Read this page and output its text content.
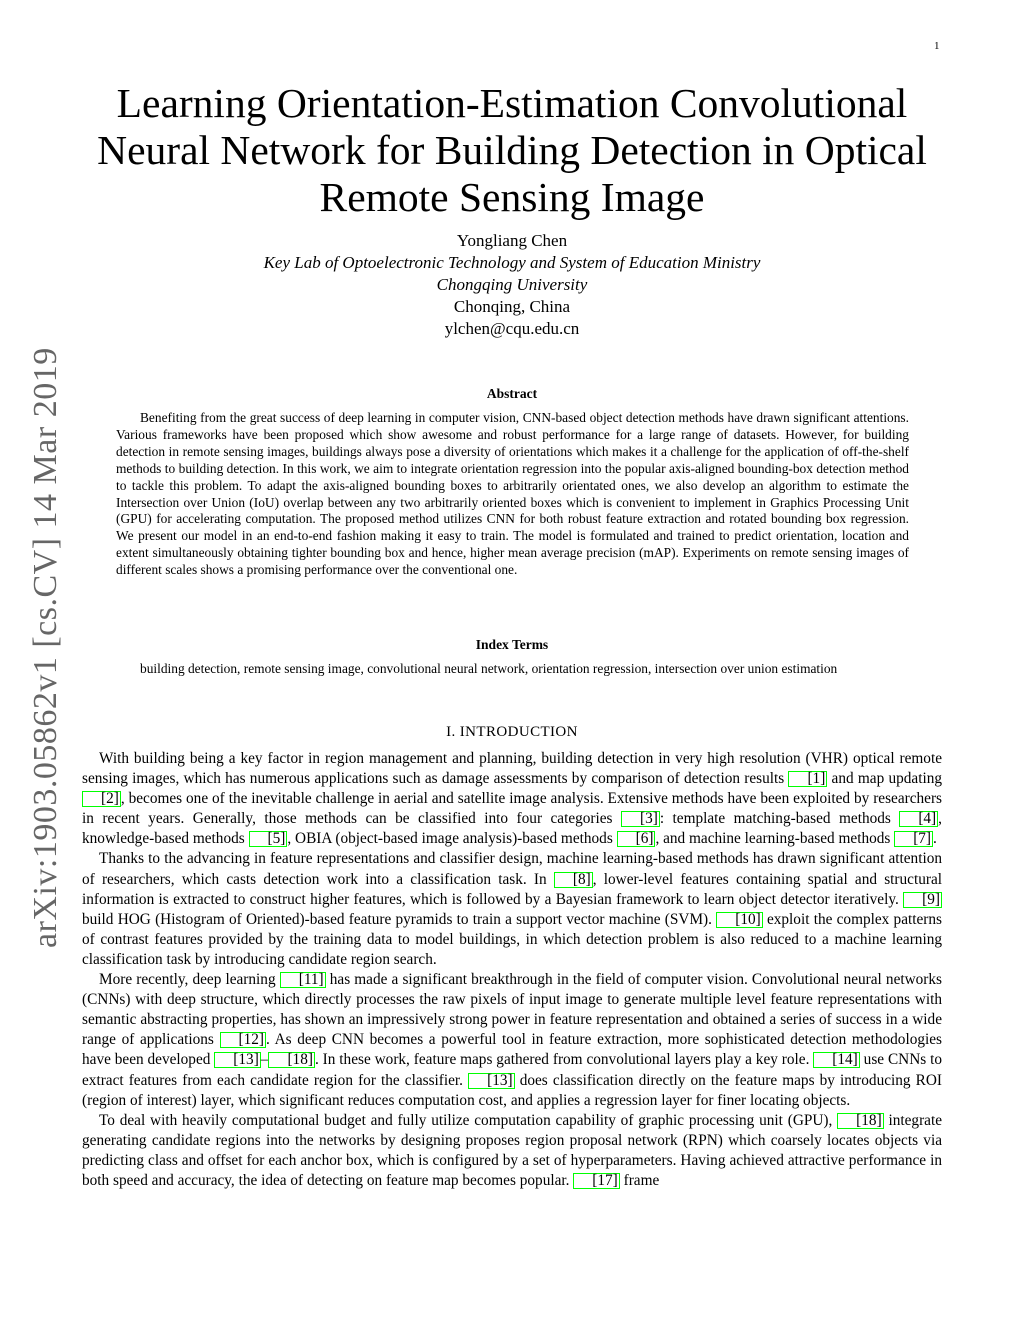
1
arXiv:1903.05862v1 [cs.CV] 14 Mar 2019
Learning Orientation-Estimation Convolutional Neural Network for Building Detection in Optical Remote Sensing Image
Yongliang Chen
Key Lab of Optoelectronic Technology and System of Education Ministry
Chongqing University
Chonqing, China
ylchen@cqu.edu.cn
Abstract

Benefiting from the great success of deep learning in computer vision, CNN-based object detection methods have drawn significant attentions. Various frameworks have been proposed which show awesome and robust performance for a large range of datasets. However, for building detection in remote sensing images, buildings always pose a diversity of orientations which makes it a challenge for the application of off-the-shelf methods to building detection. In this work, we aim to integrate orientation regression into the popular axis-aligned bounding-box detection method to tackle this problem. To adapt the axis-aligned bounding boxes to arbitrarily orientated ones, we also develop an algorithm to estimate the Intersection over Union (IoU) overlap between any two arbitrarily oriented boxes which is convenient to implement in Graphics Processing Unit (GPU) for accelerating computation. The proposed method utilizes CNN for both robust feature extraction and rotated bounding box regression. We present our model in an end-to-end fashion making it easy to train. The model is formulated and trained to predict orientation, location and extent simultaneously obtaining tighter bounding box and hence, higher mean average precision (mAP). Experiments on remote sensing images of different scales shows a promising performance over the conventional one.

Index Terms

building detection, remote sensing image, convolutional neural network, orientation regression, intersection over union estimation

I. INTRODUCTION

With building being a key factor in region management and planning, building detection in very high resolution (VHR) optical remote sensing images, which has numerous applications such as damage assessments by comparison of detection results [1] and map updating [2] , becomes one of the inevitable challenge in aerial and satellite image analysis. Extensive methods have been exploited by researchers in recent years. Generally, those methods can be classified into four categories [3] : template matching-based methods [4] , knowledge-based methods [5] , OBIA (object-based image analysis)-based methods [6] , and machine learning-based methods [7] .

Thanks to the advancing in feature representations and classifier design, machine learning-based methods has drawn significant attention of researchers, which casts detection work into a classification task. In [8] , lower-level features containing spatial and structural information is extracted to construct higher features, which is followed by a Bayesian framework to learn object detector iteratively. [9] build HOG (Histogram of Oriented)-based feature pyramids to train a support vector machine (SVM). [10] exploit the complex patterns of contrast features provided by the training data to model buildings, in which detection problem is also reduced to a machine learning classification task by introducing candidate region search.

More recently, deep learning [11] has made a significant breakthrough in the field of computer vision. Convolutional neural networks (CNNs) with deep structure, which directly processes the raw pixels of input image to generate multiple level feature representations with semantic abstracting properties, has shown an impressively strong power in feature representation and obtained a series of success in a wide range of applications [12] . As deep CNN becomes a powerful tool in feature extraction, more sophisticated detection methodologies have been developed [13] – [18] . In these work, feature maps gathered from convolutional layers play a key role. [14] use CNNs to extract features from each candidate region for the classifier. [13] does classification directly on the feature maps by introducing ROI (region of interest) layer, which significant reduces computation cost, and applies a regression layer for finer locating objects.

To deal with heavily computational budget and fully utilize computation capability of graphic processing unit (GPU), [18] integrate generating candidate regions into the networks by designing proposes region proposal network (RPN) which coarsely locates objects via predicting class and offset for each anchor box, which is configured by a set of hyperparameters. Having achieved attractive performance in both speed and accuracy, the idea of detecting on feature map becomes popular. [17] frame
